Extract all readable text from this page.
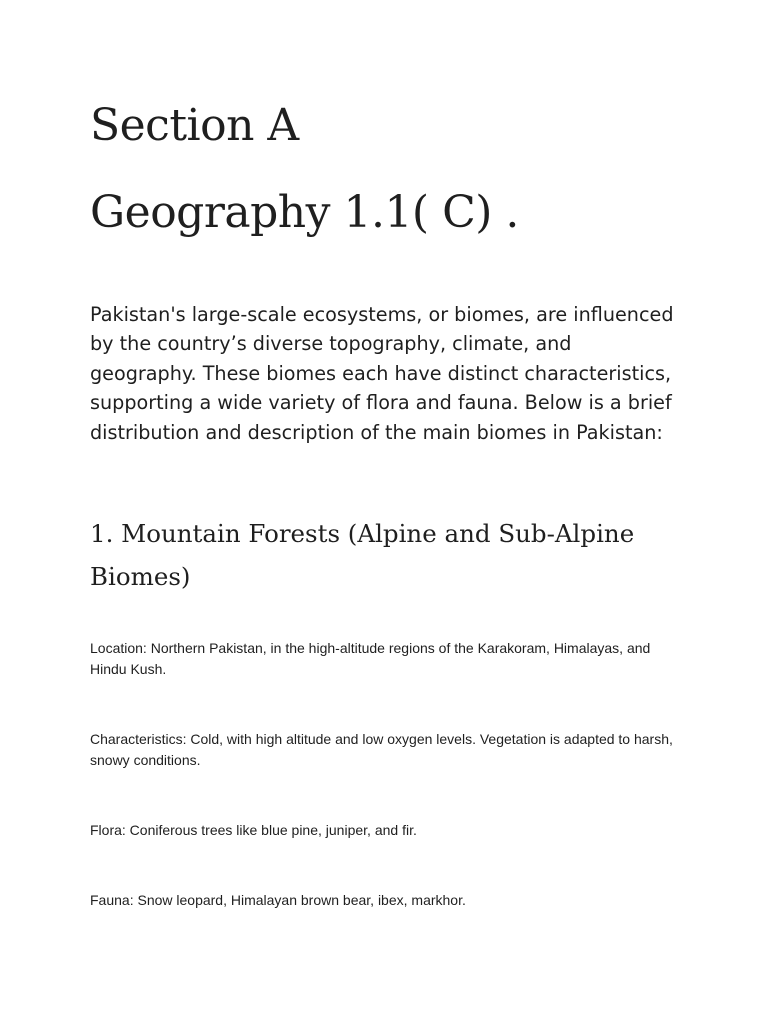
Section A
Geography 1.1( C) .

Pakistan's large-scale ecosystems, or biomes, are influenced by the country’s diverse topography, climate, and geography. These biomes each have distinct characteristics, supporting a wide variety of flora and fauna. Below is a brief distribution and description of the main biomes in Pakistan:

1. Mountain Forests (Alpine and Sub-Alpine Biomes)

Location: Northern Pakistan, in the high-altitude regions of the Karakoram, Himalayas, and Hindu Kush.

Characteristics: Cold, with high altitude and low oxygen levels. Vegetation is adapted to harsh, snowy conditions.

Flora: Coniferous trees like blue pine, juniper, and fir.

Fauna: Snow leopard, Himalayan brown bear, ibex, markhor.
